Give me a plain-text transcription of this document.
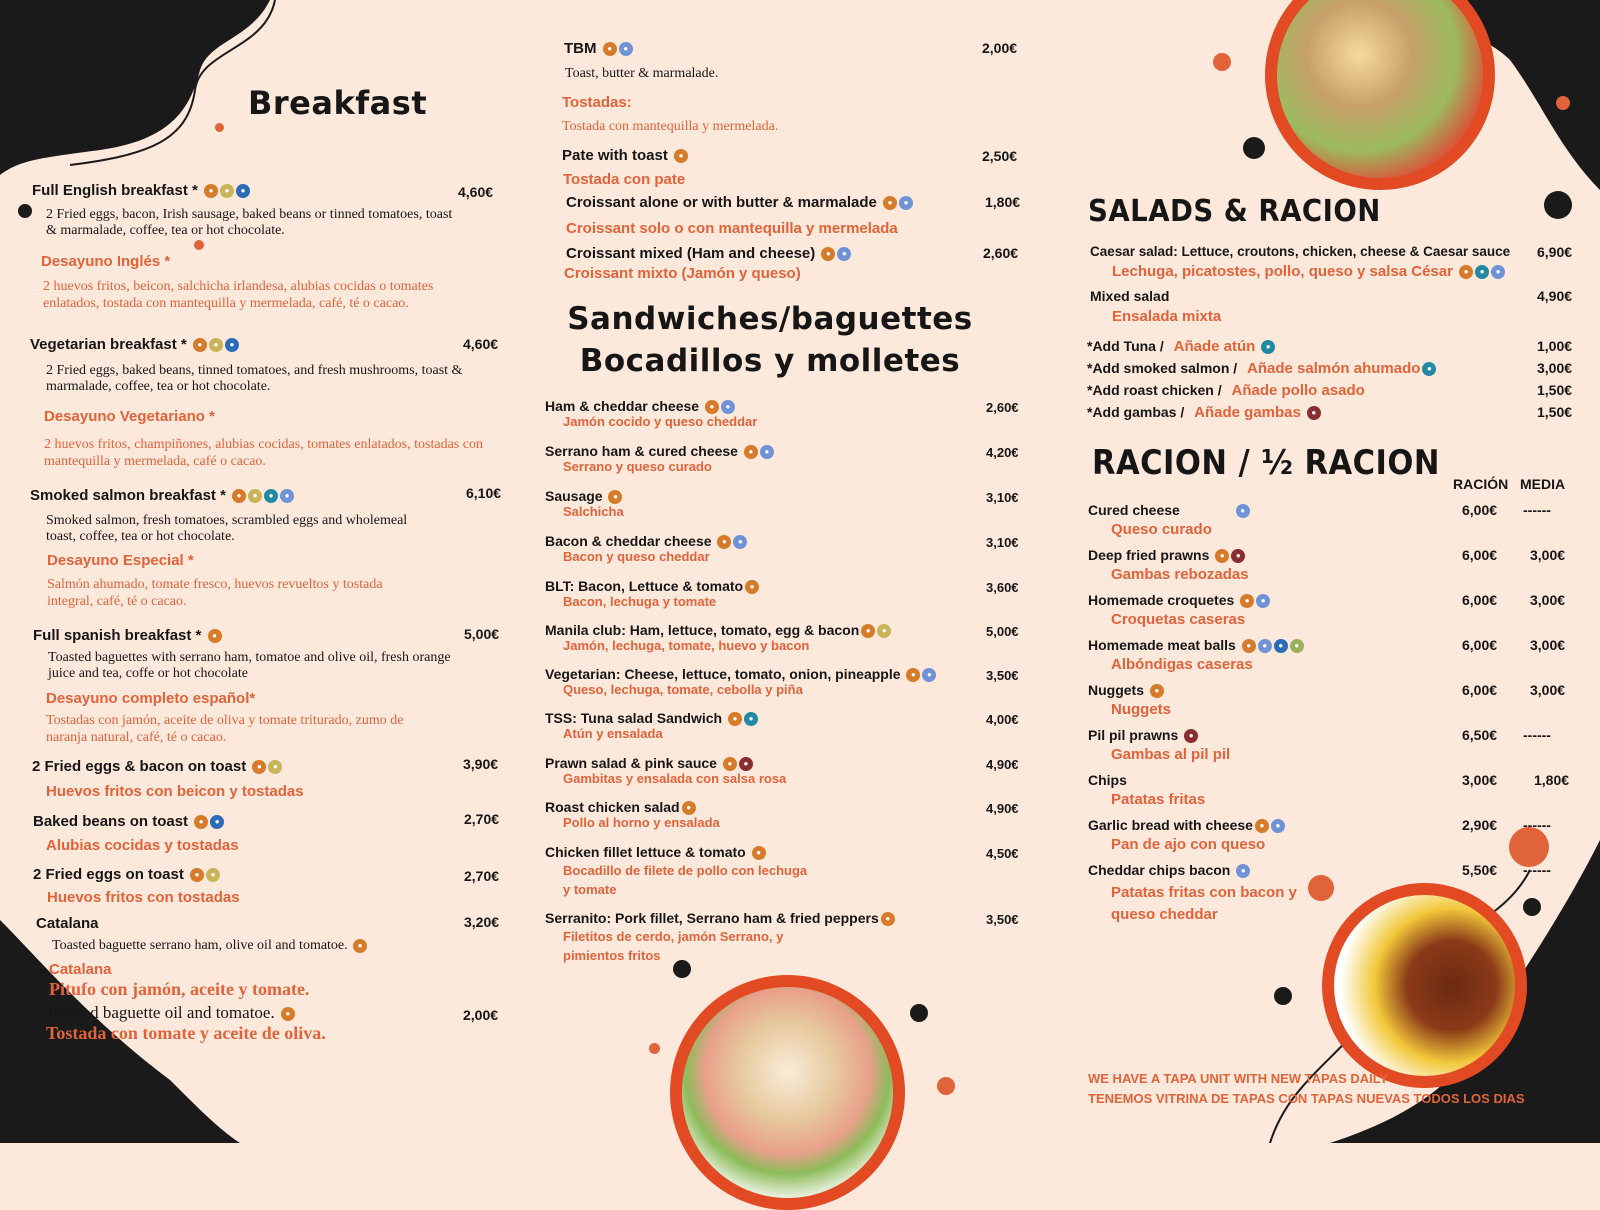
Breakfast
Full English breakfast * ● ● ●	4,60€
2 Fried eggs, bacon, Irish sausage, baked beans or tinned tomatoes, toast & marmalade, coffee, tea or hot chocolate.
Desayuno Inglés *
2 huevos fritos, beicon, salchicha irlandesa, alubias cocidas o tomates enlatados, tostada con mantequilla y mermelada, café, té o cacao.
Vegetarian breakfast * ● ● ●	4,60€
2 Fried eggs, baked beans, tinned tomatoes, and fresh mushrooms, toast & marmalade, coffee, tea or hot chocolate.
Desayuno Vegetariano *
2 huevos fritos, champiñones, alubias cocidas, tomates enlatados, tostadas con mantequilla y mermelada, café o cacao.
Smoked salmon breakfast * ● ● ● ●	6,10€
Smoked salmon, fresh tomatoes, scrambled eggs and wholemeal toast, coffee, tea or hot chocolate.
Desayuno Especial *
Salmón ahumado, tomate fresco, huevos revueltos y tostada integral, café, té o cacao.
Full spanish breakfast * ●	5,00€
Toasted baguettes with serrano ham, tomatoe and olive oil, fresh orange juice and tea, coffe or hot chocolate
Desayuno completo español*
Tostadas con jamón, aceite de oliva y tomate triturado, zumo de naranja natural, café, té o cacao.
2 Fried eggs & bacon on toast ● ●	3,90€
Huevos fritos con beicon y tostadas
Baked beans on toast ● ●	2,70€
Alubias cocidas y tostadas
2 Fried eggs on toast ● ●	2,70€
Huevos fritos con tostadas
Catalana	3,20€
Toasted baguette serrano ham, olive oil and tomatoe. ●
Catalana
Pitufo con jamón, aceite y tomate.
Toasted baguette oil and tomatoe. ●	2,00€
Tostada con tomate y aceite de oliva.
TBM ● ●	2,00€
Toast, butter & marmalade.
Tostadas:
Tostada con mantequilla y mermelada.
Pate with toast ●	2,50€
Tostada con pate
Croissant alone or with butter & marmalade ● ●	1,80€
Croissant solo o con mantequilla y mermelada
Croissant mixed (Ham and cheese) ● ●	2,60€
Croissant mixto (Jamón y queso)
Sandwiches/baguettes
Bocadillos y molletes
Ham & cheddar cheese ● ●
Jamón cocido y queso cheddar
2,60€
Serrano ham & cured cheese ● ●
Serrano y queso curado
4,20€
Sausage ●
Salchicha
3,10€
Bacon & cheddar cheese ● ●
Bacon y queso cheddar
3,10€
BLT: Bacon, Lettuce & tomato ●
Bacon, lechuga y tomate
3,60€
Manila club: Ham, lettuce, tomato, egg & bacon ● ●
Jamón, lechuga, tomate, huevo y bacon
5,00€
Vegetarian: Cheese, lettuce, tomato, onion, pineapple ● ●
Queso, lechuga, tomate, cebolla y piña
3,50€
TSS: Tuna salad Sandwich ● ●
Atún y ensalada
4,00€
Prawn salad & pink sauce ● ●
Gambitas y ensalada con salsa rosa
4,90€
Roast chicken salad ●
Pollo al horno y ensalada
4,90€
Chicken fillet lettuce & tomato ●
Bocadillo de filete de pollo con lechuga
y tomate
4,50€
Serranito: Pork fillet, Serrano ham & fried peppers ●
Filetitos de cerdo, jamón Serrano, y
pimientos fritos
3,50€
SALADS & RACION
Caesar salad: Lettuce, croutons, chicken, cheese & Caesar sauce 6,90€
Lechuga, picatostes, pollo, queso y salsa César ● ● ●
Mixed salad	4,90€
Ensalada mixta
*Add Tuna / Añade atún ●	1,00€
*Add smoked salmon / Añade salmón ahumado ●	3,00€
*Add roast chicken / Añade pollo asado	1,50€
*Add gambas / Añade gambas ●	1,50€
RACION / ½ RACION
RACIÓN MEDIA
Cured cheese	●
Queso curado
6,00€ ------
Deep fried prawns ● ●
Gambas rebozadas
6,00€ 3,00€
Homemade croquetes ● ●
Croquetas caseras
6,00€ 3,00€
Homemade meat balls ● ● ● ●
Albóndigas caseras
6,00€ 3,00€
Nuggets ●
Nuggets
6,00€ 3,00€
Pil pil prawns ●
Gambas al pil pil
6,50€ ------
Chips
Patatas fritas
3,00€	1,80€
Garlic bread with cheese ● ●
Pan de ajo con queso
2,90€ ------
Cheddar chips bacon ●
Patatas fritas con bacon y
queso cheddar
5,50€ ------
WE HAVE A TAPA UNIT WITH NEW TAPAS DAILY
TENEMOS VITRINA DE TAPAS CON TAPAS NUEVAS TODOS LOS DIAS
